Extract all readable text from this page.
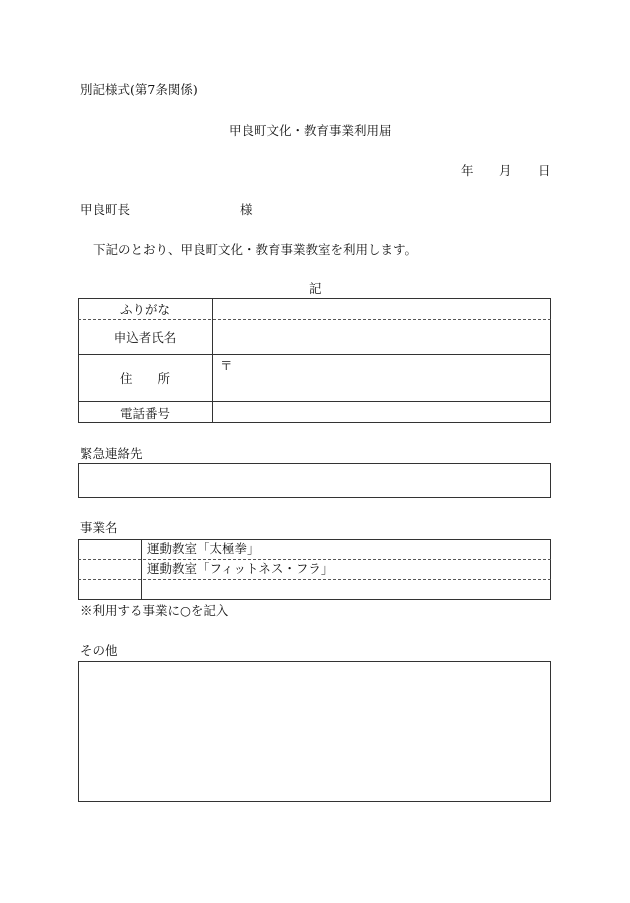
別記様式(第7条関係)
甲良町文化・教育事業利用届
年 月 日
甲良町長	様
下記のとおり、甲良町文化・教育事業教室を利用します。
記
ふりがな
申込者氏名
住　　所
〒
電話番号
緊急連絡先
事業名
運動教室「太極拳」
運動教室「フィットネス・フラ」
※利用する事業に○を記入
その他
